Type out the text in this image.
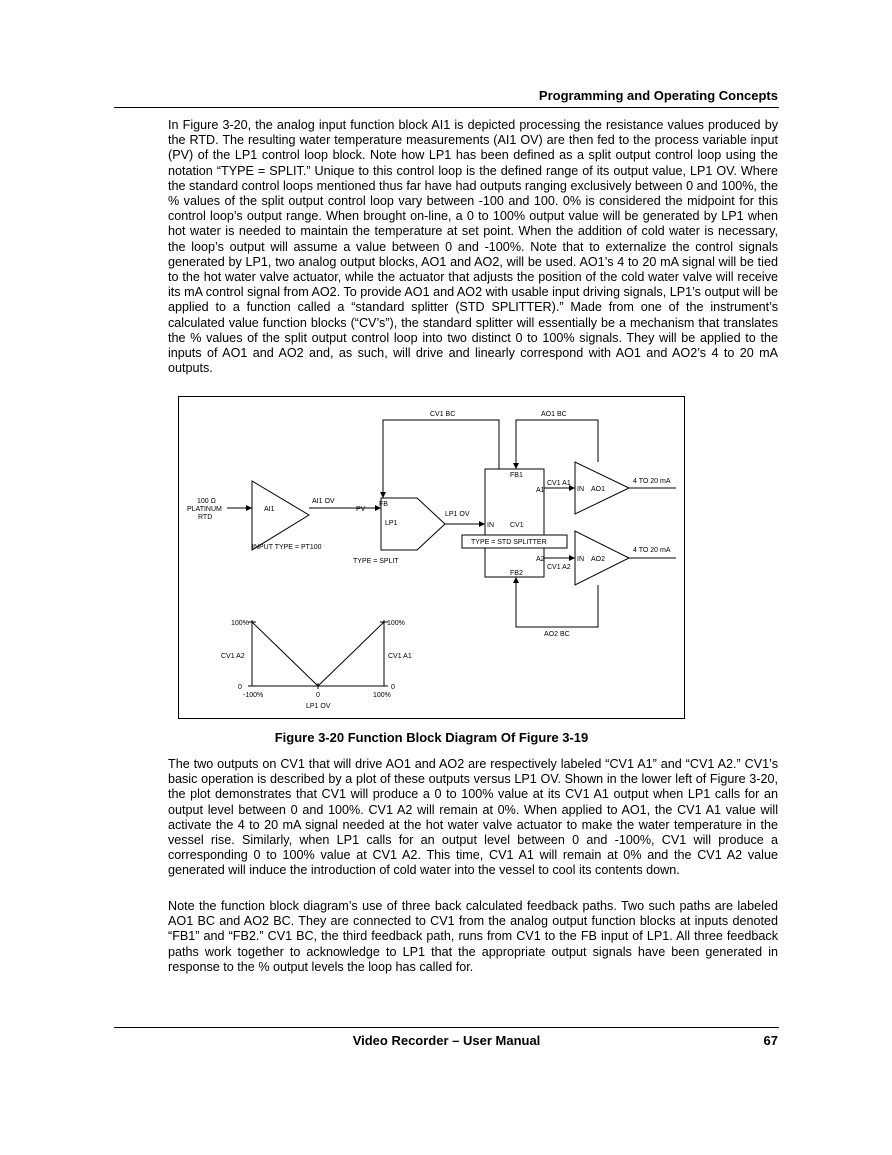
Programming and Operating Concepts

In Figure 3-20, the analog input function block AI1 is depicted processing the resistance values produced by the RTD. The resulting water temperature measurements (AI1 OV) are then fed to the process variable input (PV) of the LP1 control loop block. Note how LP1 has been defined as a split output control loop using the notation “TYPE = SPLIT.” Unique to this control loop is the defined range of its output value, LP1 OV. Where the standard control loops mentioned thus far have had outputs ranging exclusively between 0 and 100%, the % values of the split output control loop vary between -100 and 100. 0% is considered the midpoint for this control loop’s output range. When brought on-line, a 0 to 100% output value will be generated by LP1 when hot water is needed to maintain the temperature at set point. When the addition of cold water is necessary, the loop’s output will assume a value between 0 and -100%. Note that to externalize the control signals generated by LP1, two analog output blocks, AO1 and AO2, will be used. AO1’s 4 to 20 mA signal will be tied to the hot water valve actuator, while the actuator that adjusts the position of the cold water valve will receive its mA control signal from AO2. To provide AO1 and AO2 with usable input driving signals, LP1’s output will be applied to a function called a “standard splitter (STD SPLITTER).” Made from one of the instrument’s calculated value function blocks (“CV’s”), the standard splitter will essentially be a mechanism that translates the % values of the split output control loop into two distinct 0 to 100% signals. They will be applied to the inputs of AO1 and AO2 and, as such, will drive and linearly correspond with AO1 and AO2’s 4 to 20 mA outputs.

CV1 BC	AO1 BC
100 Ω
PLATINUM
RTD
AI1
AI1 OV
INPUT TYPE = PT100
FB
PV
LP1
TYPE = SPLIT
LP1 OV
FB1
A1
IN CV1
TYPE = STD SPLITTER
A2
FB2
CV1 A1
CV1 A2
IN AO1
IN AO2
4 TO 20 mA
4 TO 20 mA
AO2 BC
100%	100%
CV1 A2	CV1 A1
0	0
-100%	0	100%
LP1 OV
Figure 3-20 Function Block Diagram Of Figure 3-19

The two outputs on CV1 that will drive AO1 and AO2 are respectively labeled “CV1 A1” and “CV1 A2.” CV1’s basic operation is described by a plot of these outputs versus LP1 OV. Shown in the lower left of Figure 3-20, the plot demonstrates that CV1 will produce a 0 to 100% value at its CV1 A1 output when LP1 calls for an output level between 0 and 100%. CV1 A2 will remain at 0%. When applied to AO1, the CV1 A1 value will activate the 4 to 20 mA signal needed at the hot water valve actuator to make the water temperature in the vessel rise. Similarly, when LP1 calls for an output level between 0 and -100%, CV1 will produce a corresponding 0 to 100% value at CV1 A2. This time, CV1 A1 will remain at 0% and the CV1 A2 value generated will induce the introduction of cold water into the vessel to cool its contents down.

Note the function block diagram’s use of three back calculated feedback paths. Two such paths are labeled AO1 BC and AO2 BC. They are connected to CV1 from the analog output function blocks at inputs denoted “FB1” and “FB2.” CV1 BC, the third feedback path, runs from CV1 to the FB input of LP1. All three feedback paths work together to acknowledge to LP1 that the appropriate output signals have been generated in response to the % output levels the loop has called for.

Video Recorder – User Manual	67
